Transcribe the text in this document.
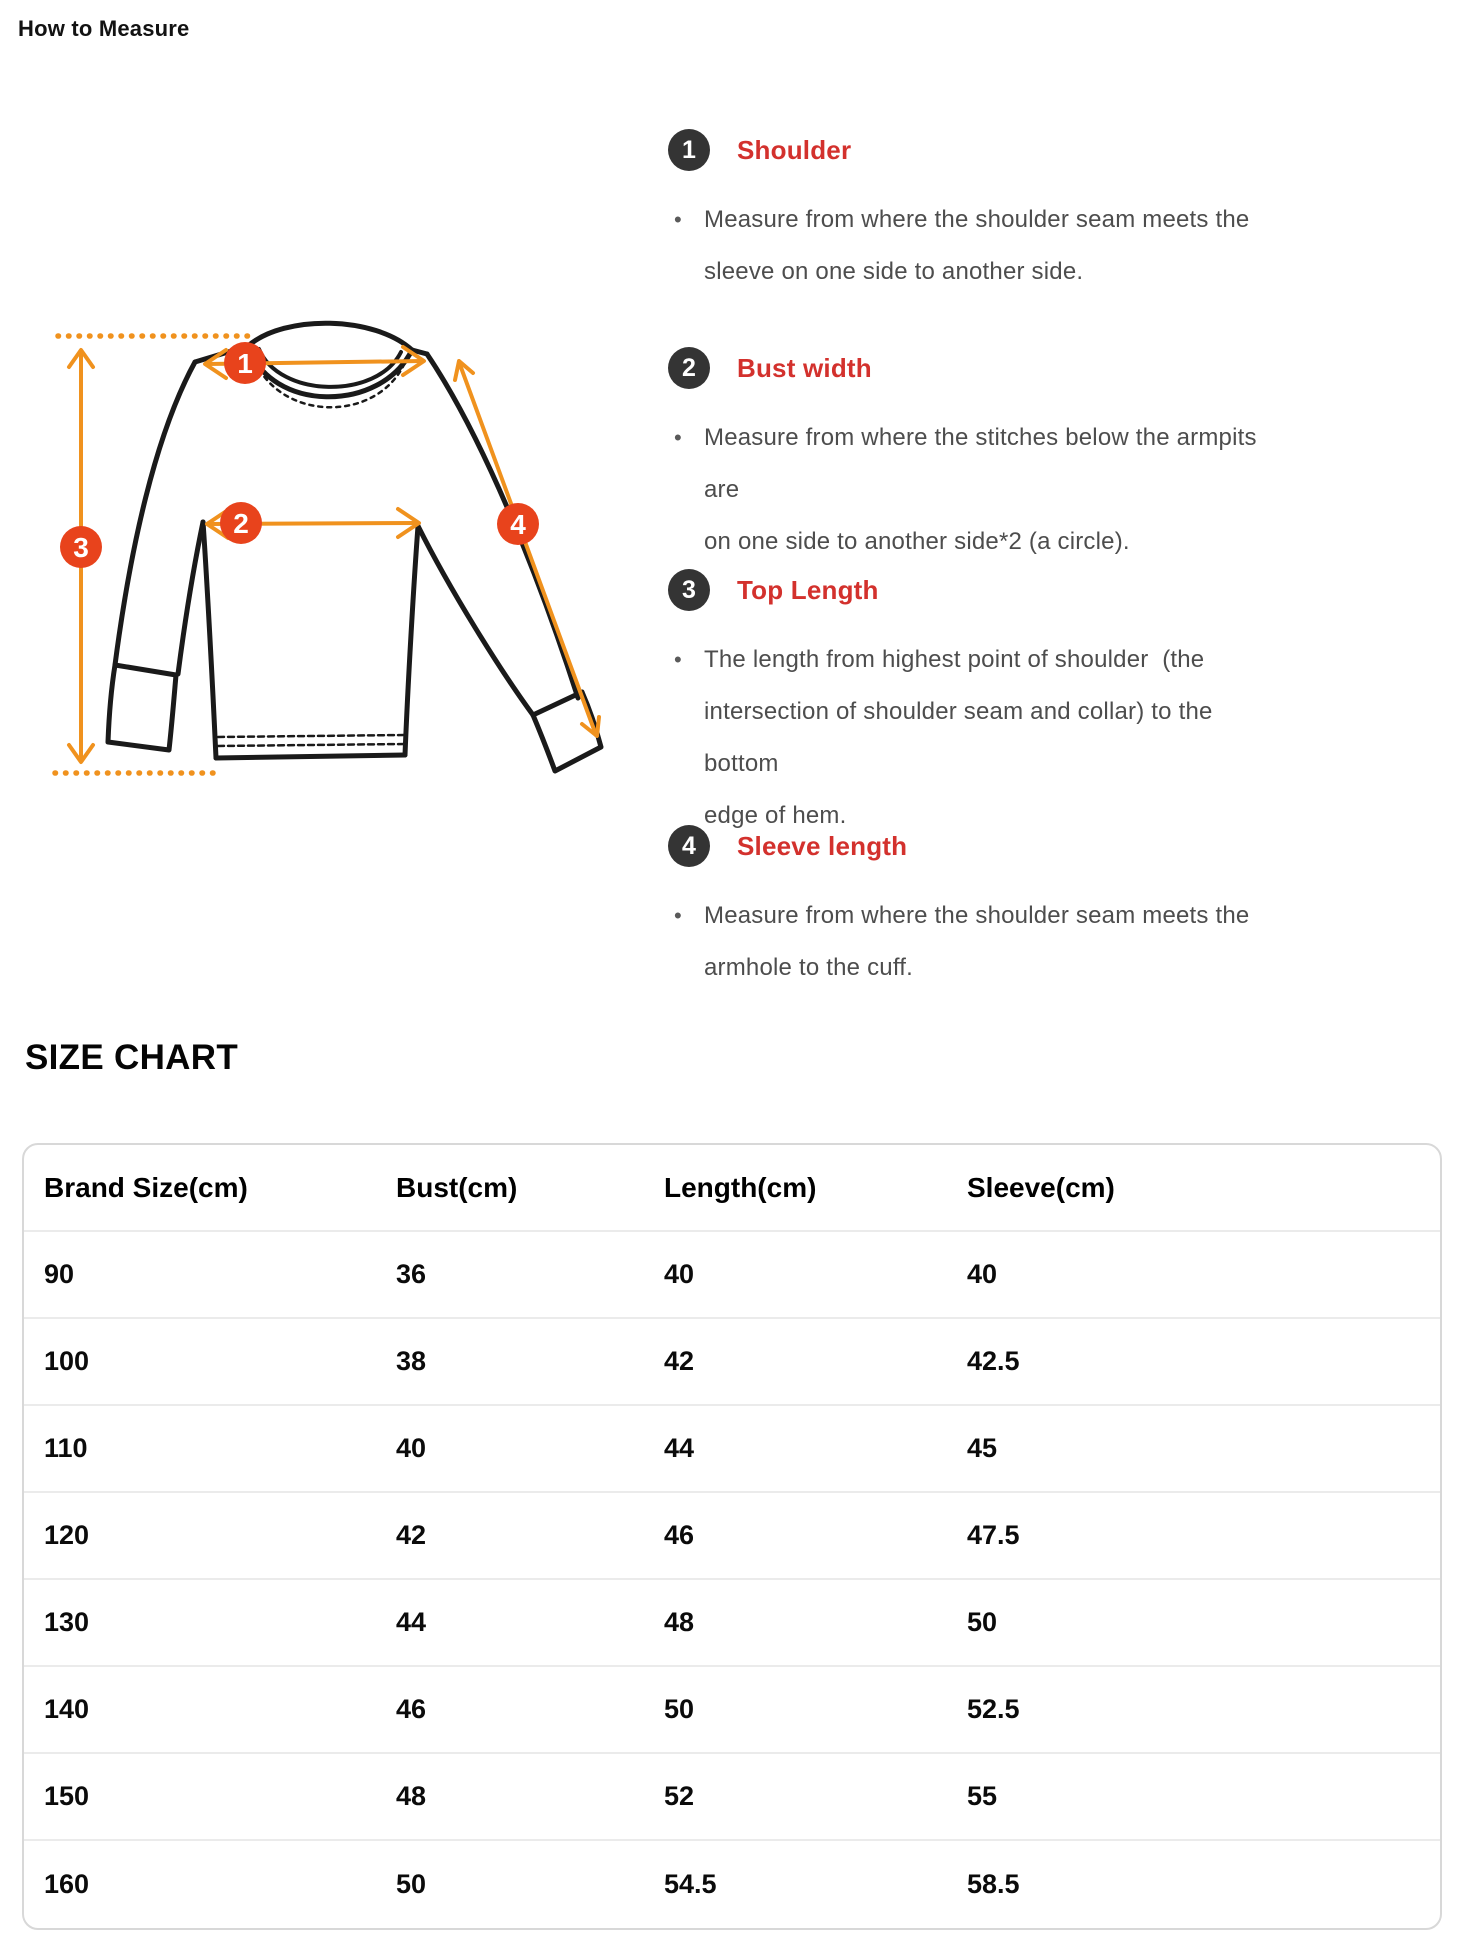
How to Measure
1
2
3
4
1	Shoulder
• Measure from where the shoulder seam meets the
sleeve on one side to another side.
2	Bust width
• Measure from where the stitches below the armpits are
on one side to another side*2 (a circle).
3	Top Length
• The length from highest point of shoulder  (the
intersection of shoulder seam and collar) to the bottom
edge of hem.
4	Sleeve length
• Measure from where the shoulder seam meets the
armhole to the cuff.
SIZE CHART
Brand Size(cm)	Bust(cm)	Length(cm)	Sleeve(cm)
90	36	40	40
100	38	42	42.5
110	40	44	45
120	42	46	47.5
130	44	48	50
140	46	50	52.5
150	48	52	55
160	50	54.5	58.5
